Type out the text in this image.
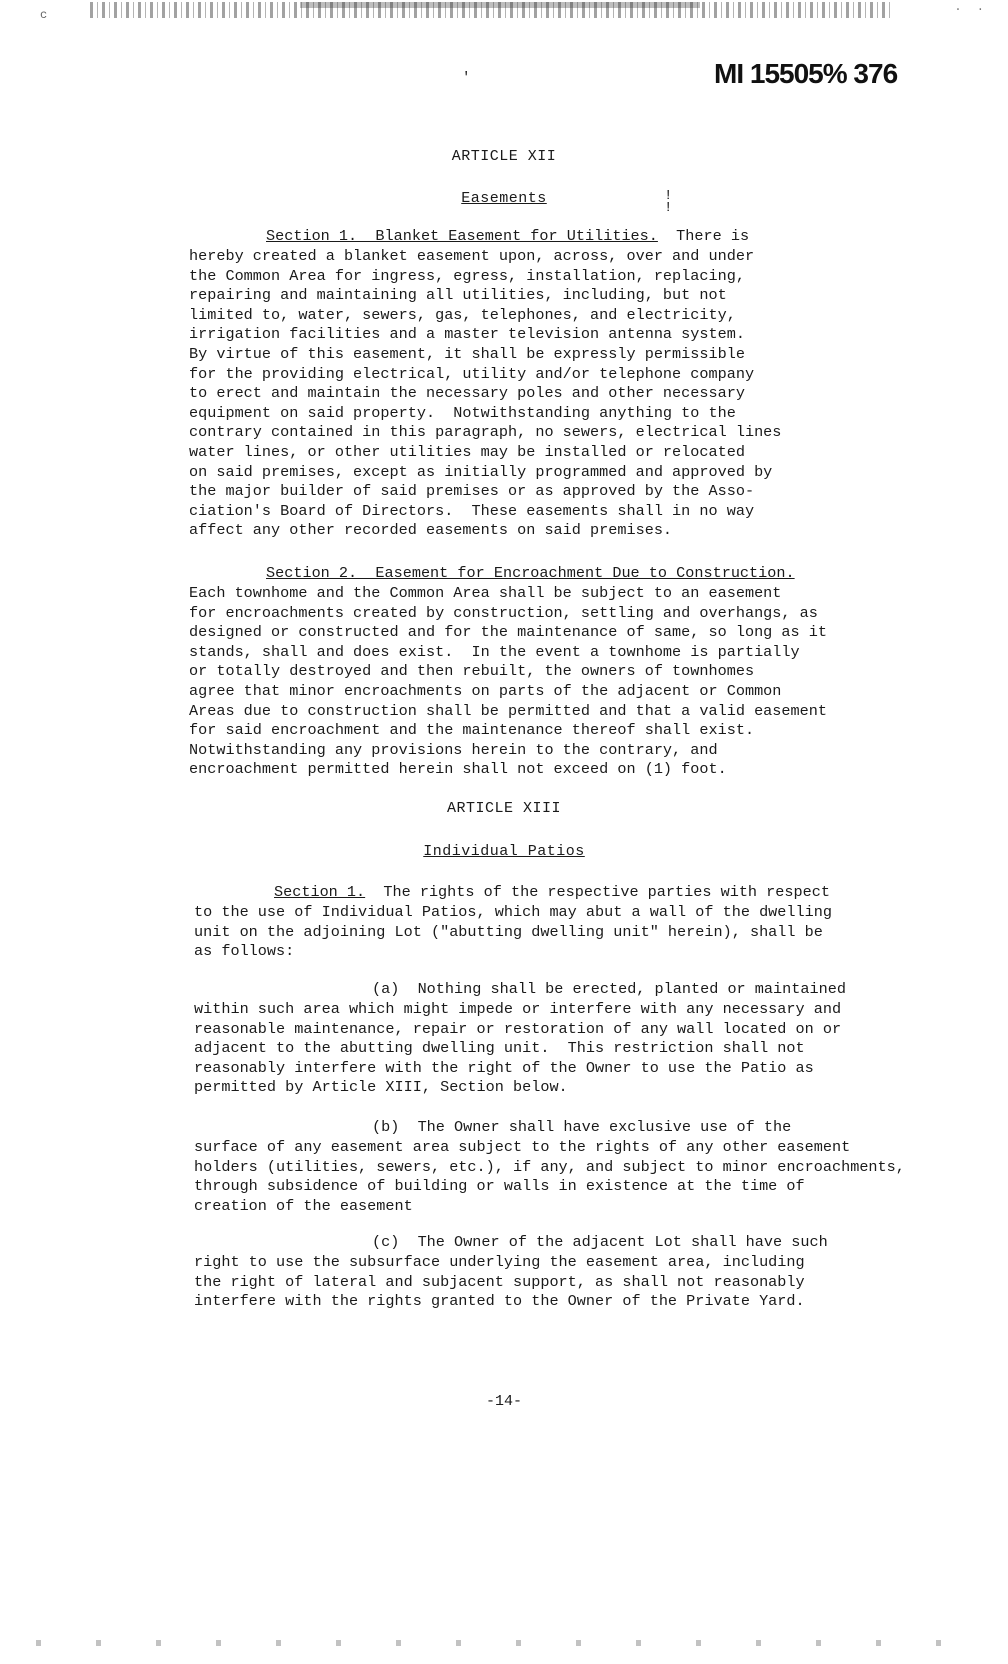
c
. .
'	MI 15505% 376
ARTICLE XII
Easements	!
!
Section 1.  Blanket Easement for Utilities. There is
hereby created a blanket easement upon, across, over and under
the Common Area for ingress, egress, installation, replacing,
repairing and maintaining all utilities, including, but not
limited to, water, sewers, gas, telephones, and electricity,
irrigation facilities and a master television antenna system.
By virtue of this easement, it shall be expressly permissible
for the providing electrical, utility and/or telephone company
to erect and maintain the necessary poles and other necessary
equipment on said property.  Notwithstanding anything to the
contrary contained in this paragraph, no sewers, electrical lines
water lines, or other utilities may be installed or relocated
on said premises, except as initially programmed and approved by
the major builder of said premises or as approved by the Asso-
ciation's Board of Directors.  These easements shall in no way
affect any other recorded easements on said premises.
Section 2.  Easement for Encroachment Due to Construction.
Each townhome and the Common Area shall be subject to an easement
for encroachments created by construction, settling and overhangs, as
designed or constructed and for the maintenance of same, so long as it
stands, shall and does exist.  In the event a townhome is partially
or totally destroyed and then rebuilt, the owners of townhomes
agree that minor encroachments on parts of the adjacent or Common
Areas due to construction shall be permitted and that a valid easement
for said encroachment and the maintenance thereof shall exist.
Notwithstanding any provisions herein to the contrary, and
encroachment permitted herein shall not exceed on (1) foot.
ARTICLE XIII
Individual Patios
Section 1. The rights of the respective parties with respect
to the use of Individual Patios, which may abut a wall of the dwelling
unit on the adjoining Lot ("abutting dwelling unit" herein), shall be
as follows:
(a)  Nothing shall be erected, planted or maintained
within such area which might impede or interfere with any necessary and
reasonable maintenance, repair or restoration of any wall located on or
adjacent to the abutting dwelling unit.  This restriction shall not
reasonably interfere with the right of the Owner to use the Patio as
permitted by Article XIII, Section below.
(b)  The Owner shall have exclusive use of the
surface of any easement area subject to the rights of any other easement
holders (utilities, sewers, etc.), if any, and subject to minor encroachments,
through subsidence of building or walls in existence at the time of
creation of the easement
(c)  The Owner of the adjacent Lot shall have such
right to use the subsurface underlying the easement area, including
the right of lateral and subjacent support, as shall not reasonably
interfere with the rights granted to the Owner of the Private Yard.
-14-
